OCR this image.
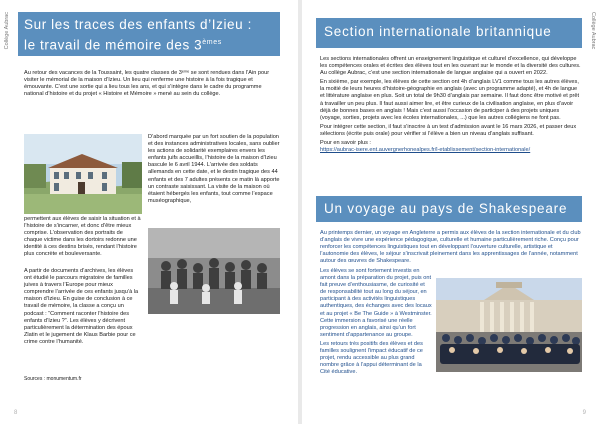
Collège Aubrac Sur les traces des enfants d’Izieu :
le travail de mémoire des 3èmes
Au retour des vacances de la Toussaint, les quatre classes de 3ᵉᵐᵉ se sont rendues dans l’Ain pour visiter le mémorial de la maison d’Izieu. Un lieu qui renferme une histoire à la fois tragique et émouvante. C’est une sortie qui a lieu tous les ans, et qui s’intègre dans le cadre du programme national d’histoire et du projet « Histoire et Mémoire » mené au sein du collège.
D’abord marquée par un fort soutien de la population et des instances administratives locales, sans oublier les actions de solidarité exemplaires envers les enfants juifs accueillis, l’histoire de la maison d’Izieu bascule le 6 avril 1944. L’arrivée des soldats allemands en cette date, et le destin tragique des 44 enfants et des 7 adultes présents ce matin là apporte un contraste saisissant. La visite de la maison où étaient hébergés les enfants, tout comme l’espace muséographique,
permettent aux élèves de saisir la situation et à l’histoire de s’incarner, et donc d’être mieux comprise. L’observation des portraits de chaque victime dans les dortoirs redonne une identité à ces destins brisés, rendant l’histoire plus concrète et bouleversante.
A partir de documents d’archives, les élèves ont étudié le parcours migratoire de familles juives à travers l’Europe pour mieux comprendre l’arrivée de ces enfants jusqu’à la maison d’Izieu. En guise de conclusion à ce travail de mémoire, la classe a conçu un podcast : “Comment raconter l’histoire des enfants d’Izieu ?”. Les élèves y décrivent particulièrement la détermination des époux Zlatin et le jugement de Klaus Barbie pour ce crime contre l’humanité.
Sources : monumentum.fr
8
Collège Aubrac
Section internationale britannique

Les sections internationales offrent un enseignement linguistique et culturel d’excellence, qui développe les compétences orales et écrites des élèves tout en les ouvrant sur le monde et la diversité des cultures. Au collège Aubrac, c’est une section internationale de langue anglaise qui a ouvert en 2022.

En sixième, par exemple, les élèves de cette section ont 4h d’anglais LV1 comme tous les autres élèves, la moitié de leurs heures d’histoire-géographie en anglais (avec un programme adapté), et 4h de langue et littérature anglaise en plus. Soit un total de 9h30 d’anglais par semaine. Il faut donc être motivé et prêt à travailler un peu plus. Il faut aussi aimer lire, et être curieux de la civilisation anglaise, en plus d’avoir déjà de bonnes bases en anglais ! Mais c’est aussi l’occasion de participer à des projets uniques (voyage, sorties, projets avec les écoles internationales, ...) que les autres collégiens ne font pas.

Pour intégrer cette section, il faut s’inscrire à un test d’admission avant le 16 mars 2026, et passer deux sélections (écrite puis orale) pour vérifier si l’élève a bien un niveau d’anglais suffisant.

Pour en savoir plus :
https://aubrac-isere.ent.auvergnerhonealpes.fr/l-etablissement/section-internationale/
Un voyage au pays de Shakespeare
Au printemps dernier, un voyage en Angleterre a permis aux élèves de la section internationale et du club d’anglais de vivre une expérience pédagogique, culturelle et humaine particulièrement riche. Conçu pour renforcer les compétences linguistiques tout en développant l’ouverture culturelle, artistique et l’autonomie des élèves, le séjour s’inscrivait pleinement dans les apprentissages de l’année, notamment autour des œuvres de Shakespeare.

Les élèves se sont fortement investis en amont dans la préparation du projet, puis ont fait preuve d’enthousiasme, de curiosité et de responsabilité tout au long du séjour, en participant à des activités linguistiques authentiques, des échanges avec des locaux et au projet « Be The Guide » à Westminster. Cette immersion a favorisé une réelle progression en anglais, ainsi qu’un fort sentiment d’appartenance au groupe.

Les retours très positifs des élèves et des familles soulignent l’impact éducatif de ce projet, rendu accessible au plus grand nombre grâce à l’appui déterminant de la Cité éducative.

9
